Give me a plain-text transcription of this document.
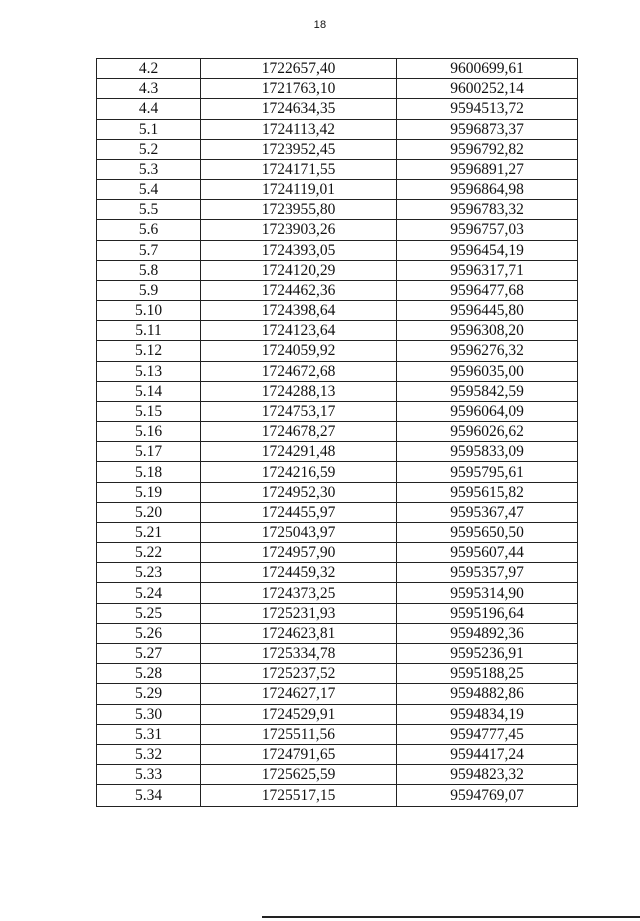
18
4.2	1722657,40	9600699,61
4.3	1721763,10	9600252,14
4.4	1724634,35	9594513,72
5.1	1724113,42	9596873,37
5.2	1723952,45	9596792,82
5.3	1724171,55	9596891,27
5.4	1724119,01	9596864,98
5.5	1723955,80	9596783,32
5.6	1723903,26	9596757,03
5.7	1724393,05	9596454,19
5.8	1724120,29	9596317,71
5.9	1724462,36	9596477,68
5.10	1724398,64	9596445,80
5.11	1724123,64	9596308,20
5.12	1724059,92	9596276,32
5.13	1724672,68	9596035,00
5.14	1724288,13	9595842,59
5.15	1724753,17	9596064,09
5.16	1724678,27	9596026,62
5.17	1724291,48	9595833,09
5.18	1724216,59	9595795,61
5.19	1724952,30	9595615,82
5.20	1724455,97	9595367,47
5.21	1725043,97	9595650,50
5.22	1724957,90	9595607,44
5.23	1724459,32	9595357,97
5.24	1724373,25	9595314,90
5.25	1725231,93	9595196,64
5.26	1724623,81	9594892,36
5.27	1725334,78	9595236,91
5.28	1725237,52	9595188,25
5.29	1724627,17	9594882,86
5.30	1724529,91	9594834,19
5.31	1725511,56	9594777,45
5.32	1724791,65	9594417,24
5.33	1725625,59	9594823,32
5.34	1725517,15	9594769,07
